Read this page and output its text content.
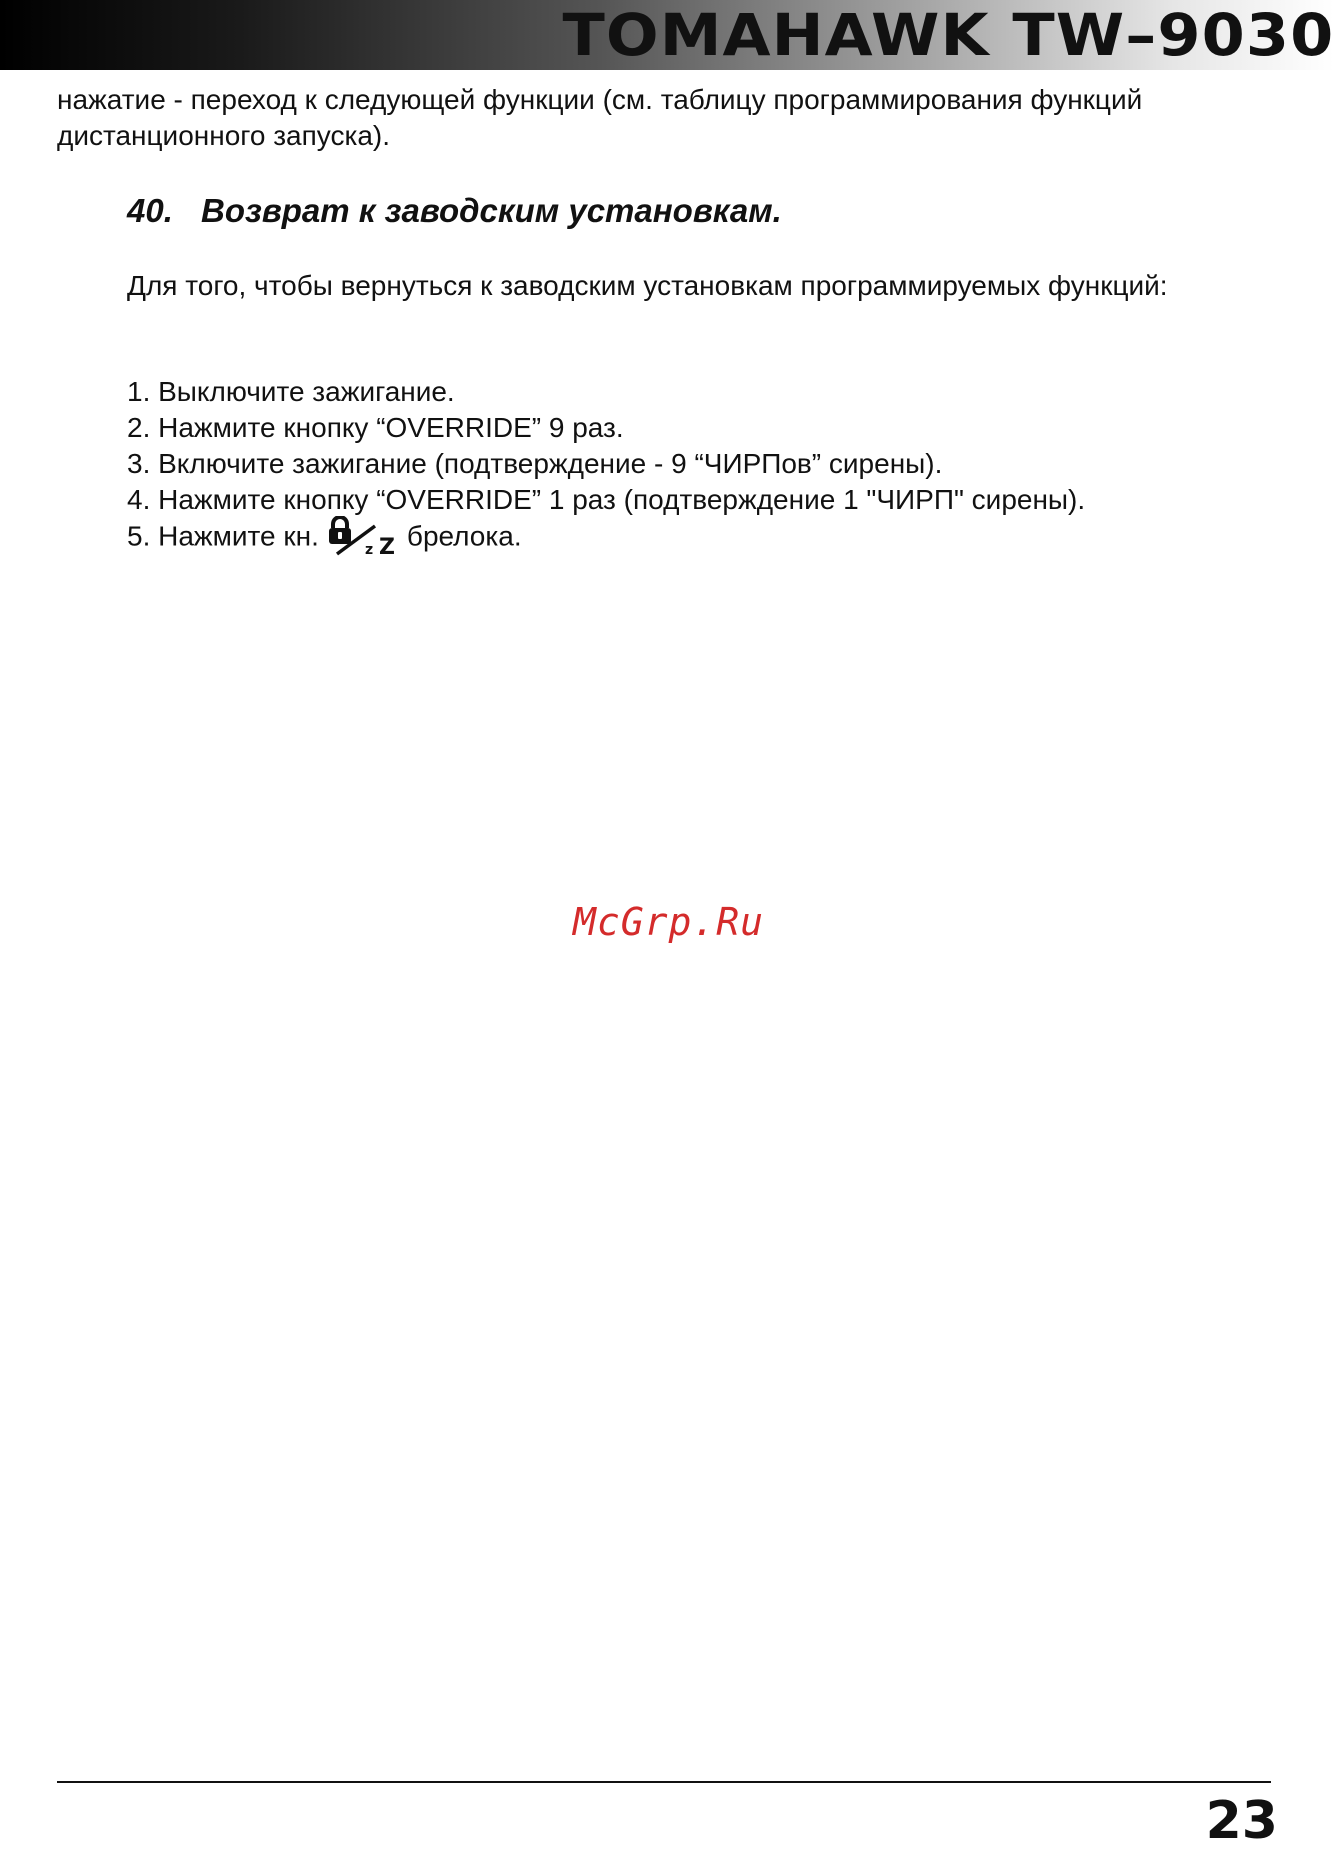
TOMAHAWK TW–9030

нажатие - переход к следующей функции (см. таблицу программирования функций дистанционного запуска).

40. Возврат к заводским установкам.

Для того, чтобы вернуться к заводским установкам программируемых функций:

1. Выключите зажигание.
2. Нажмите кнопку “OVERRIDE” 9 раз.
3. Включите зажигание (подтверждение - 9 “ЧИРПов” сирены).
4. Нажмите кнопку “OVERRIDE” 1 раз (подтверждение 1 "ЧИРП" сирены).
5. Нажмите кн.	z Z брелока.
McGrp.Ru
23
